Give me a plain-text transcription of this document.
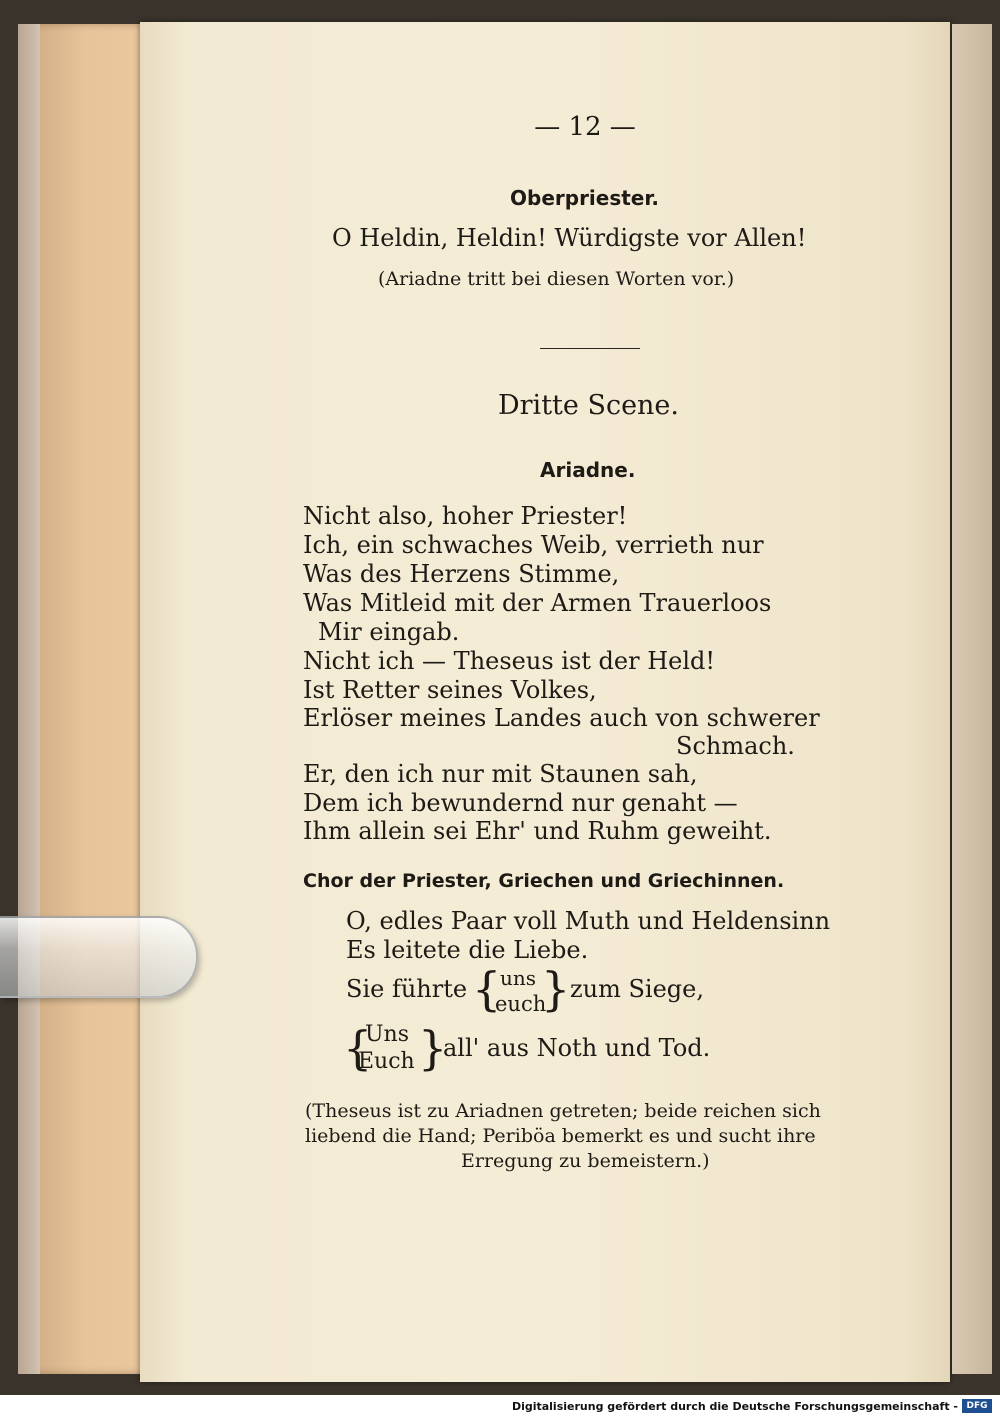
— 12 —
Oberpriester.
O Heldin, Heldin! Würdigste vor Allen!
(Ariadne tritt bei diesen Worten vor.)
Dritte Scene.
Ariadne.
Nicht also, hoher Priester!
Ich, ein schwaches Weib, verrieth nur
Was des Herzens Stimme,
Was Mitleid mit der Armen Trauerloos
Mir eingab.
Nicht ich — Theseus ist der Held!
Ist Retter seines Volkes,
Erlöser meines Landes auch von schwerer
Schmach.
Er, den ich nur mit Staunen sah,
Dem ich bewundernd nur genaht —
Ihm allein sei Ehr' und Ruhm geweiht.
Chor der Priester, Griechen und Griechinnen.
O, edles Paar voll Muth und Heldensinn
Es leitete die Liebe.
Sie führte {
uns
euch
} zum Siege,
{
Uns
Euch }
all' aus Noth und Tod.
(Theseus ist zu Ariadnen getreten; beide reichen sich
liebend die Hand; Periböa bemerkt es und sucht ihre
Erregung zu bemeistern.)
Digitalisierung gefördert durch die Deutsche Forschungsgemeinschaft - DFG
